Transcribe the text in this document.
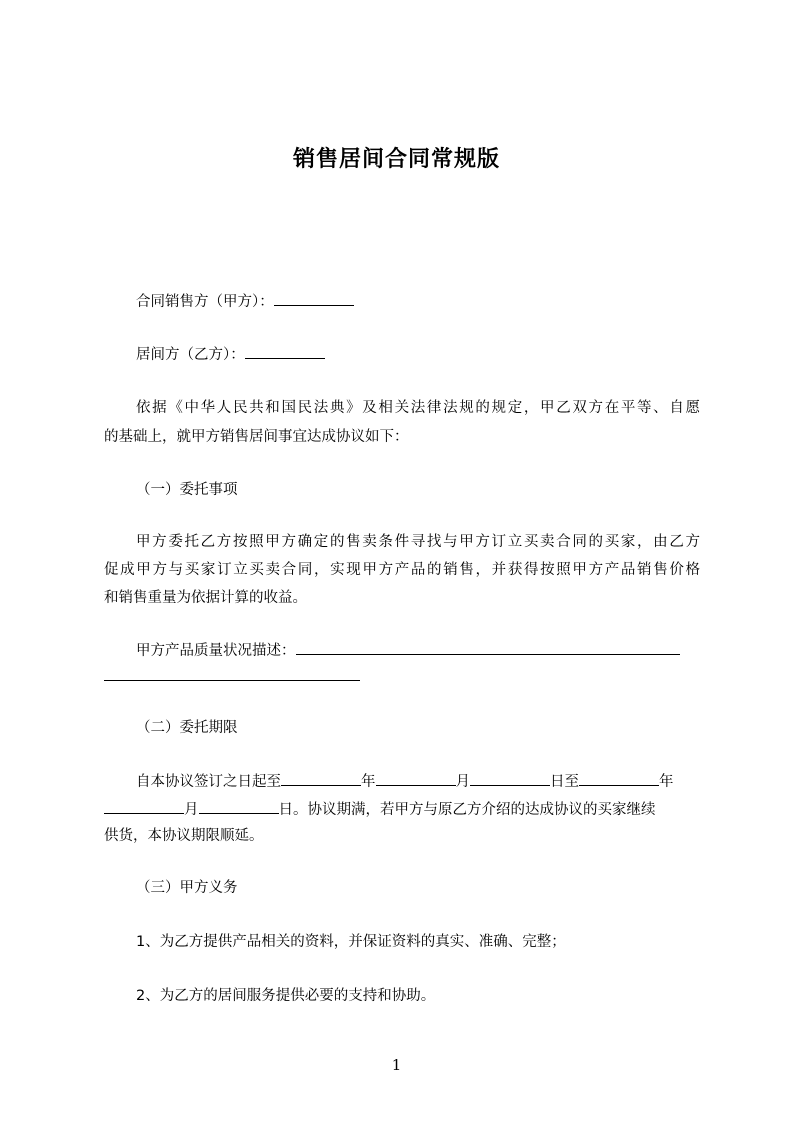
销售居间合同常规版
合同销售方（甲方）：
居间方（乙方）：
依据《中华人民共和国民法典》及相关法律法规的规定，甲乙双方在平等、自愿
的基础上，就甲方销售居间事宜达成协议如下：
（一）委托事项
甲方委托乙方按照甲方确定的售卖条件寻找与甲方订立买卖合同的买家，由乙方
促成甲方与买家订立买卖合同，实现甲方产品的销售，并获得按照甲方产品销售价格
和销售重量为依据计算的收益。
甲方产品质量状况描述：
（二）委托期限
自本协议签订之日起至	年	月	日至	年
月	日。协议期满，若甲方与原乙方介绍的达成协议的买家继续
供货，本协议期限顺延。
（三）甲方义务
1、为乙方提供产品相关的资料，并保证资料的真实、准确、完整；
2、为乙方的居间服务提供必要的支持和协助。
1
